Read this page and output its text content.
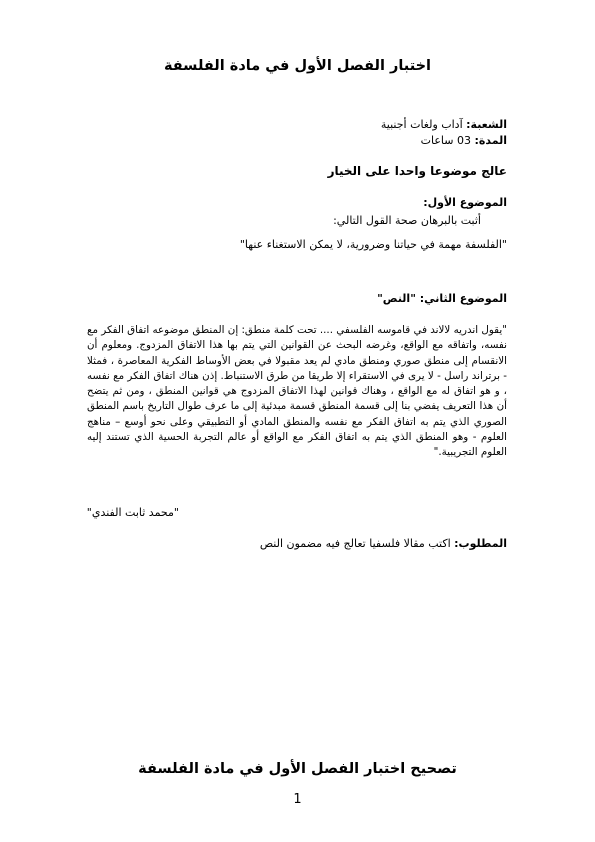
اختبار الفصل الأول في مادة الفلسفة
الشعبة: آداب ولغات أجنبية
المدة: 03 ساعات
عالج موضوعا واحدا على الخيار
الموضوع الأول:
أثبت بالبرهان صحة القول التالي:
"الفلسفة مهمة في حياتنا وضرورية، لا يمكن الاستغناء عنها"
الموضوع الثاني: "النص"

"يقول اندريه لالاند في قاموسه الفلسفي .... تحت كلمة منطق: إن المنطق موضوعه اتفاق الفكر مع نفسه، واتفاقه مع الواقع، وغرضه البحث عن القوانين التي يتم بها هذا الاتفاق المزدوج. ومعلوم أن الانقسام إلى منطق صوري ومنطق مادي لم يعد مقبولا في بعض الأوساط الفكرية المعاصرة ، فمثلا - برتراند راسل - لا يرى في الاستقراء إلا طريقا من طرق الاستنباط. إذن هناك اتفاق الفكر مع نفسه ، و هو اتفاق له مع الواقع ، وهناك قوانين لهذا الاتفاق المزدوج هي قوانين المنطق ، ومن ثم يتضح أن هذا التعريف يفضي بنا إلى قسمة المنطق قسمة مبدئية إلى ما عرف طوال التاريخ باسم المنطق الصوري الذي يتم به اتفاق الفكر مع نفسه والمنطق المادي أو التطبيقي وعلى نحو أوسع – مناهج العلوم - وهو المنطق الذي يتم به اتفاق الفكر مع الواقع أو عالم التجربة الحسية الذي تستند إليه العلوم التجريبية."

"محمد ثابت الفندي"
المطلوب: اكتب مقالا فلسفيا تعالج فيه مضمون النص
تصحيح اختبار الفصل الأول في مادة الفلسفة
1
